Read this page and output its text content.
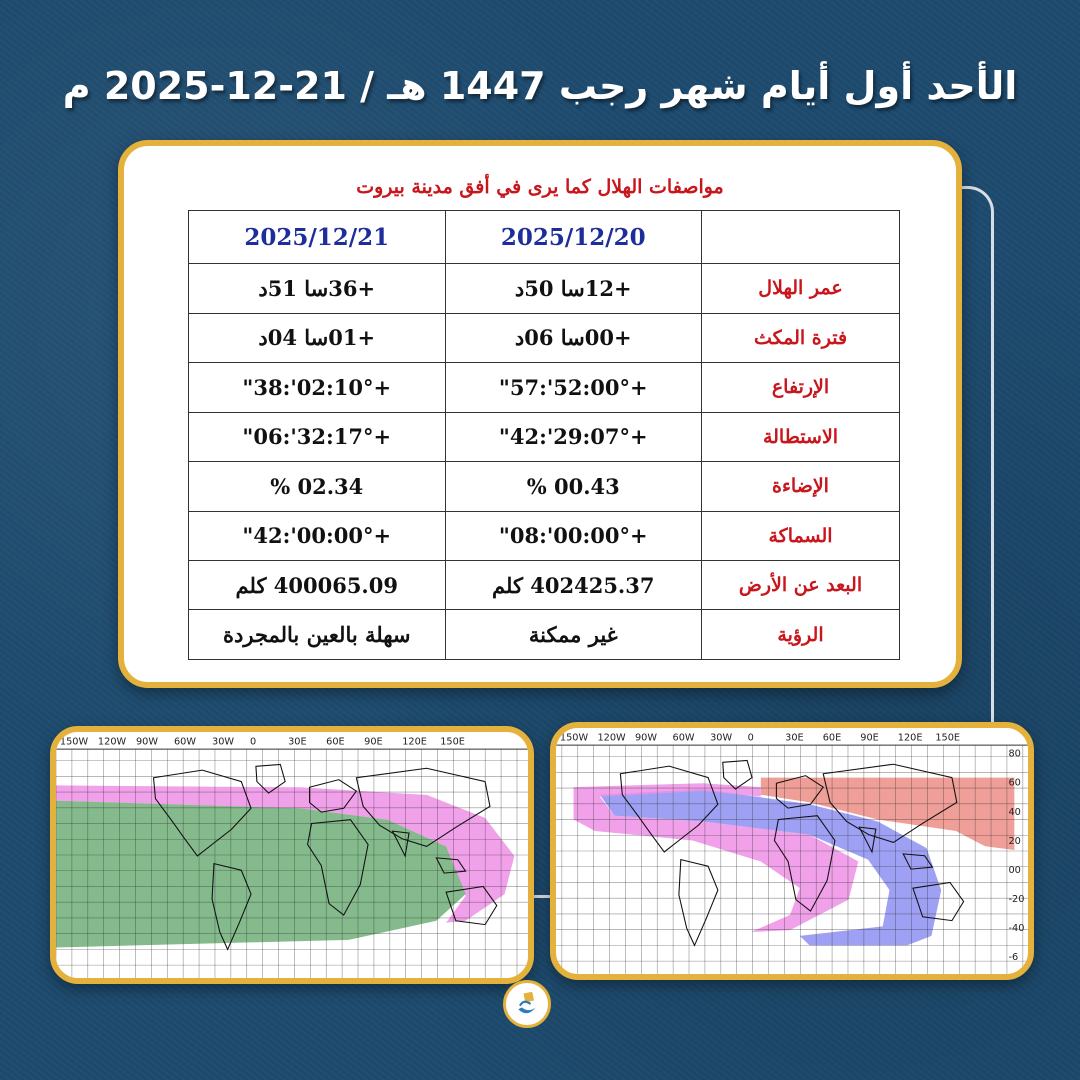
الأحد أول أيام شهر رجب 1447 هـ / 21-12-2025 م
مواصفات الهلال كما يرى في أفق مدينة بيروت
	2025/12/20	2025/12/21
عمر الهلال	+12سا 50د	+36سا 51د
فترة المكث	+00سا 06د	+01سا 04د
الإرتفاع	+00°:52':57"	+10°:02':38"
الاستطالة	+07°:29':42"	+17°:32':06"
الإضاءة	00.43 %	02.34 %
السماكة	+00°:00':08"	+00°:00':42"
البعد عن الأرض	402425.37 كلم	400065.09 كلم
الرؤية	غير ممكنة	سهلة بالعين بالمجردة
150W 120W 90W 60W 30W 0	30E 60E 90E 120E 150E
80
60
40
20
00
-20
-40
-6
150W 120W 90W 60W 30W 0	30E 60E 90E 120E 150E
